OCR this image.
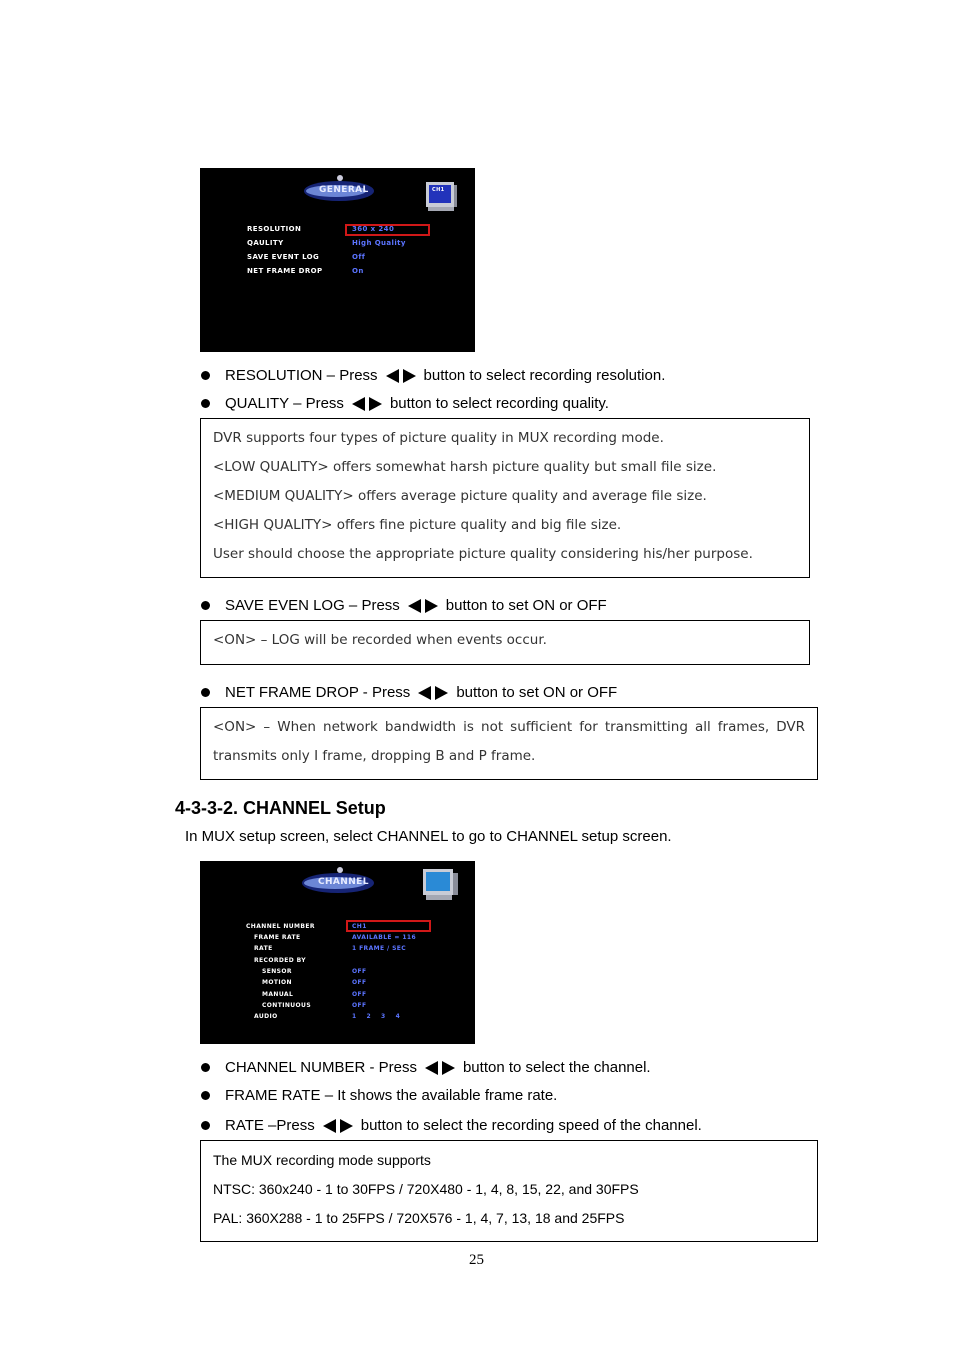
GENERAL	CH1
RESOLUTION	360 x 240
QAULITY	High Quality
SAVE EVENT LOG	Off
NET FRAME DROP	On
RESOLUTION – Press	button to select recording resolution.
QUALITY – Press	button to select recording quality.
DVR supports four types of picture quality in MUX recording mode.
<LOW QUALITY> offers somewhat harsh picture quality but small file size.
<MEDIUM QUALITY> offers average picture quality and average file size.
<HIGH QUALITY> offers fine picture quality and big file size.
User should choose the appropriate picture quality considering his/her purpose.
SAVE EVEN LOG – Press	button to set ON or OFF
<ON> – LOG will be recorded when events occur.
NET FRAME DROP - Press	button to set ON or OFF
<ON> – When network bandwidth is not sufficient for transmitting all frames, DVR
transmits only I frame, dropping B and P frame.
4-3-3-2. CHANNEL Setup
In MUX setup screen, select CHANNEL to go to CHANNEL setup screen.
CHANNEL
CHANNEL NUMBER	CH1
FRAME RATE	AVAILABLE = 116
RATE	1 FRAME / SEC
RECORDED BY
SENSOR	OFF
MOTION	OFF
MANUAL	OFF
CONTINUOUS	OFF
AUDIO	1    2    3    4
CHANNEL NUMBER - Press	button to select the channel.
FRAME RATE – It shows the available frame rate.
RATE –Press	button to select the recording speed of the channel.
The MUX recording mode supports
NTSC: 360x240 - 1 to 30FPS / 720X480 - 1, 4, 8, 15, 22, and 30FPS
PAL: 360X288 - 1 to 25FPS / 720X576 - 1, 4, 7, 13, 18 and 25FPS
25
